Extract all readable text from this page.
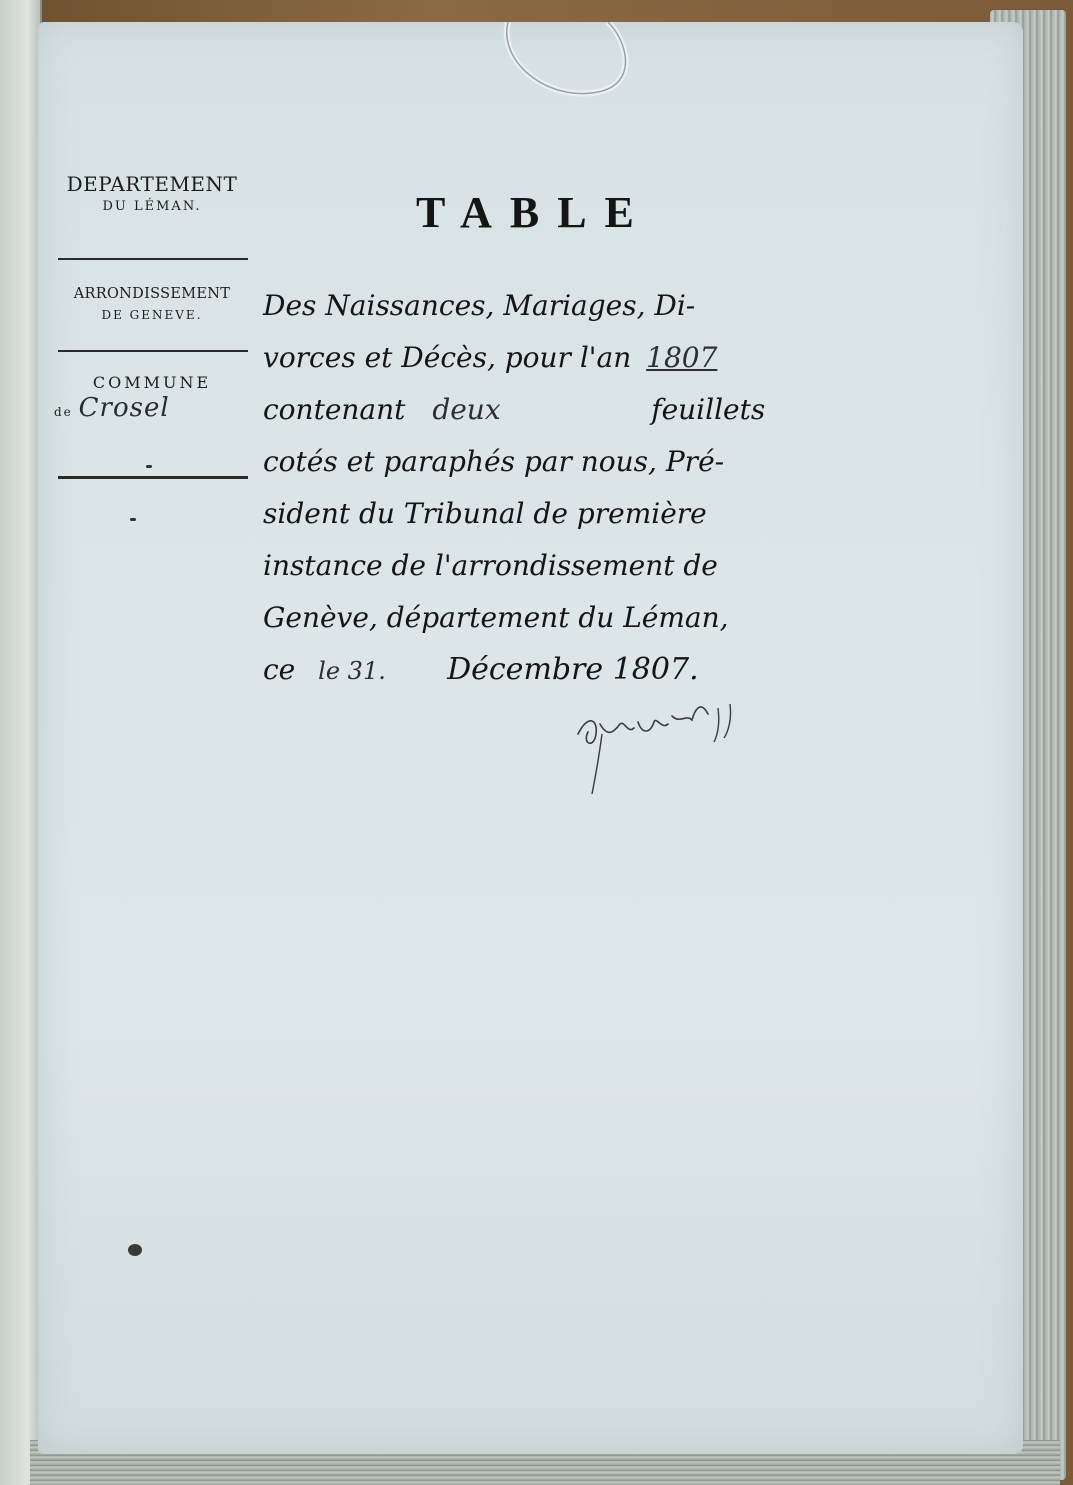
DEPARTEMENT
DU LÉMAN.
ARRONDISSEMENT
DE GENEVE.
COMMUNE
de Crosel
TABLE
Des Naissances, Mariages, Di-
vorces et Décès, pour l'an 1807
contenant deux	feuillets
cotés et paraphés par nous, Pré-
sident du Tribunal de première
instance de l'arrondissement de
Genève, département du Léman,
ce le 31. Décembre 1807.
